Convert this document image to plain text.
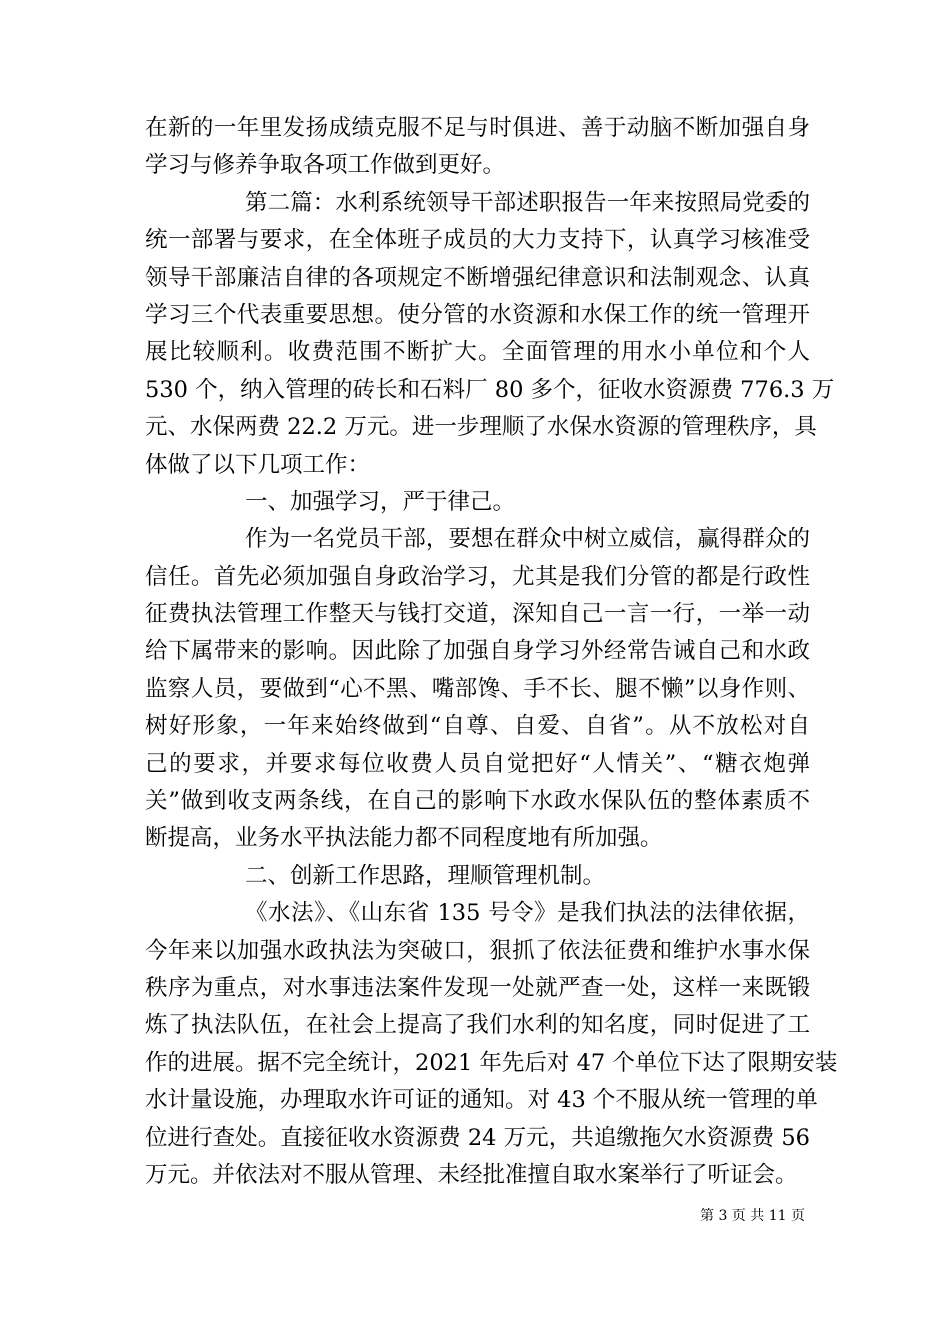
在新的一年里发扬成绩克服不足与时俱进、善于动脑不断加强自身
学习与修养争取各项工作做到更好。
第二篇：水利系统领导干部述职报告一年来按照局党委的
统一部署与要求，在全体班子成员的大力支持下，认真学习核准受
领导干部廉洁自律的各项规定不断增强纪律意识和法制观念、认真
学习三个代表重要思想。使分管的水资源和水保工作的统一管理开
展比较顺利。收费范围不断扩大。全面管理的用水小单位和个人
530 个，纳入管理的砖长和石料厂 80 多个，征收水资源费 776.3 万
元、水保两费 22.2 万元。进一步理顺了水保水资源的管理秩序，具
体做了以下几项工作：
一、加强学习，严于律己。
作为一名党员干部，要想在群众中树立威信，赢得群众的
信任。首先必须加强自身政治学习，尤其是我们分管的都是行政性
征费执法管理工作整天与钱打交道，深知自己一言一行，一举一动
给下属带来的影响。因此除了加强自身学习外经常告诫自己和水政
监察人员，要做到“心不黑、嘴部馋、手不长、腿不懒”以身作则、
树好形象，一年来始终做到“自尊、自爱、自省”。从不放松对自
己的要求，并要求每位收费人员自觉把好“人情关”、“糖衣炮弹
关”做到收支两条线，在自己的影响下水政水保队伍的整体素质不
断提高，业务水平执法能力都不同程度地有所加强。
二、创新工作思路，理顺管理机制。
《水法》、《山东省 135 号令》是我们执法的法律依据，
今年来以加强水政执法为突破口，狠抓了依法征费和维护水事水保
秩序为重点，对水事违法案件发现一处就严查一处，这样一来既锻
炼了执法队伍，在社会上提高了我们水利的知名度，同时促进了工
作的进展。据不完全统计，2021 年先后对 47 个单位下达了限期安装
水计量设施，办理取水许可证的通知。对 43 个不服从统一管理的单
位进行查处。直接征收水资源费 24 万元，共追缴拖欠水资源费 56
万元。并依法对不服从管理、未经批准擅自取水案举行了听证会。
第 3 页 共 11 页
